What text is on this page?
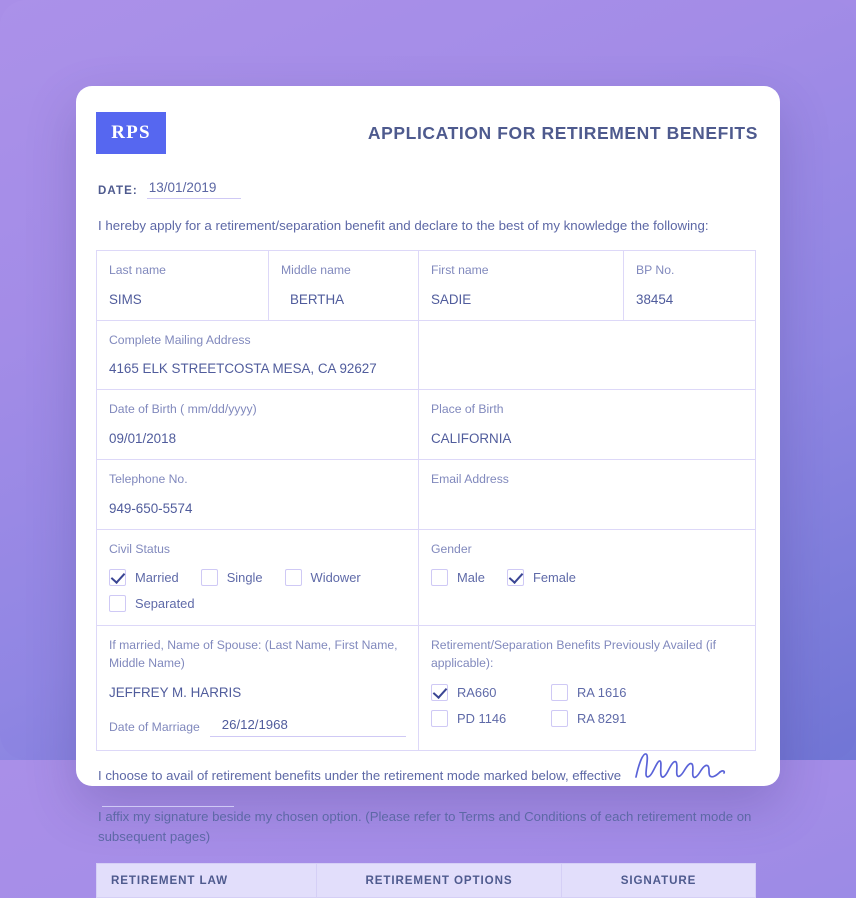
RPS	APPLICATION FOR RETIREMENT BENEFITS
DATE: 13/01/2019
I hereby apply for a retirement/separation benefit and declare to the best of my knowledge the following:
Last name
SIMS

Middle name
BERTHA

First name
SADIE

BP No.
38454

Complete Mailing Address
4165 ELK STREETCOSTA MESA, CA 92627			

Date of Birth ( mm/dd/yyyy)
09/01/2018

Place of Birth
CALIFORNIA

Telephone No.
949-650-5574		Email Address	

Civil Status
Married	Single	Widower
Separated

Gender
Male	Female

If married, Name of Spouse: (Last Name, First Name, Middle Name)
JEFFREY M. HARRIS
Date of Marriage	26/12/1968

Retirement/Separation Benefits Previously Availed (if applicable):
RA660	RA 1616
PD 1146	RA 8291
I choose to avail of retirement benefits under the retirement mode marked below, effective
I affix my signature beside my chosen option. (Please refer to Terms and Conditions of each retirement mode on subsequent pages)
RETIREMENT LAW	RETIREMENT OPTIONS	SIGNATURE
